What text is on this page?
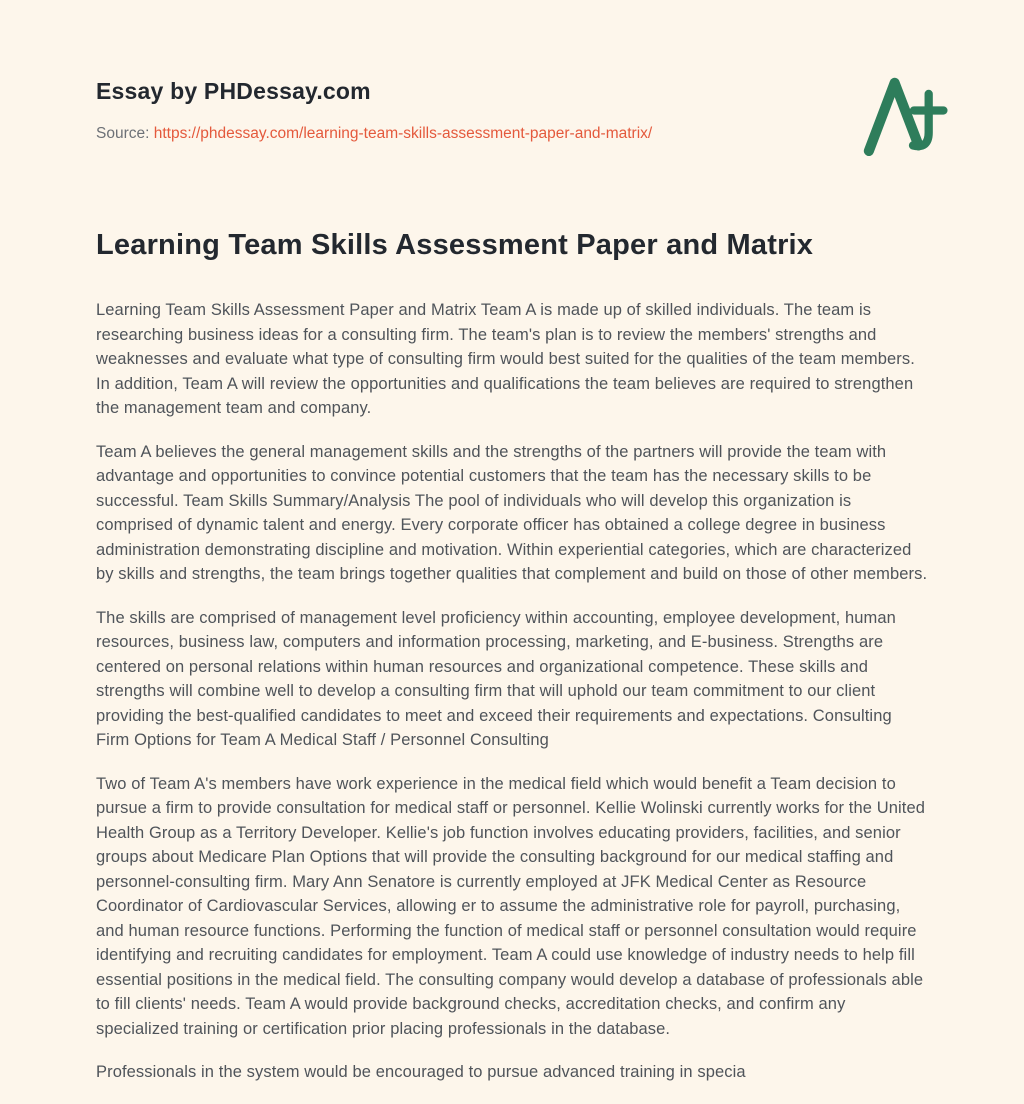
Essay by PHDessay.com
Source: https://phdessay.com/learning-team-skills-assessment-paper-and-matrix/
Learning Team Skills Assessment Paper and Matrix

Learning Team Skills Assessment Paper and Matrix Team A is made up of skilled individuals. The team is researching business ideas for a consulting firm. The team's plan is to review the members' strengths and weaknesses and evaluate what type of consulting firm would best suited for the qualities of the team members. In addition, Team A will review the opportunities and qualifications the team believes are required to strengthen the management team and company.

Team A believes the general management skills and the strengths of the partners will provide the team with advantage and opportunities to convince potential customers that the team has the necessary skills to be successful. Team Skills Summary/Analysis The pool of individuals who will develop this organization is comprised of dynamic talent and energy. Every corporate officer has obtained a college degree in business administration demonstrating discipline and motivation. Within experiential categories, which are characterized by skills and strengths, the team brings together qualities that complement and build on those of other members.

The skills are comprised of management level proficiency within accounting, employee development, human resources, business law, computers and information processing, marketing, and E-business. Strengths are centered on personal relations within human resources and organizational competence. These skills and strengths will combine well to develop a consulting firm that will uphold our team commitment to our client providing the best-qualified candidates to meet and exceed their requirements and expectations. Consulting Firm Options for Team A Medical Staff / Personnel Consulting

Two of Team A's members have work experience in the medical field which would benefit a Team decision to pursue a firm to provide consultation for medical staff or personnel. Kellie Wolinski currently works for the United Health Group as a Territory Developer. Kellie's job function involves educating providers, facilities, and senior groups about Medicare Plan Options that will provide the consulting background for our medical staffing and personnel-consulting firm. Mary Ann Senatore is currently employed at JFK Medical Center as Resource Coordinator of Cardiovascular Services, allowing er to assume the administrative role for payroll, purchasing, and human resource functions. Performing the function of medical staff or personnel consultation would require identifying and recruiting candidates for employment. Team A could use knowledge of industry needs to help fill essential positions in the medical field. The consulting company would develop a database of professionals able to fill clients' needs. Team A would provide background checks, accreditation checks, and confirm any specialized training or certification prior placing professionals in the database.

Professionals in the system would be encouraged to pursue advanced training in specia
